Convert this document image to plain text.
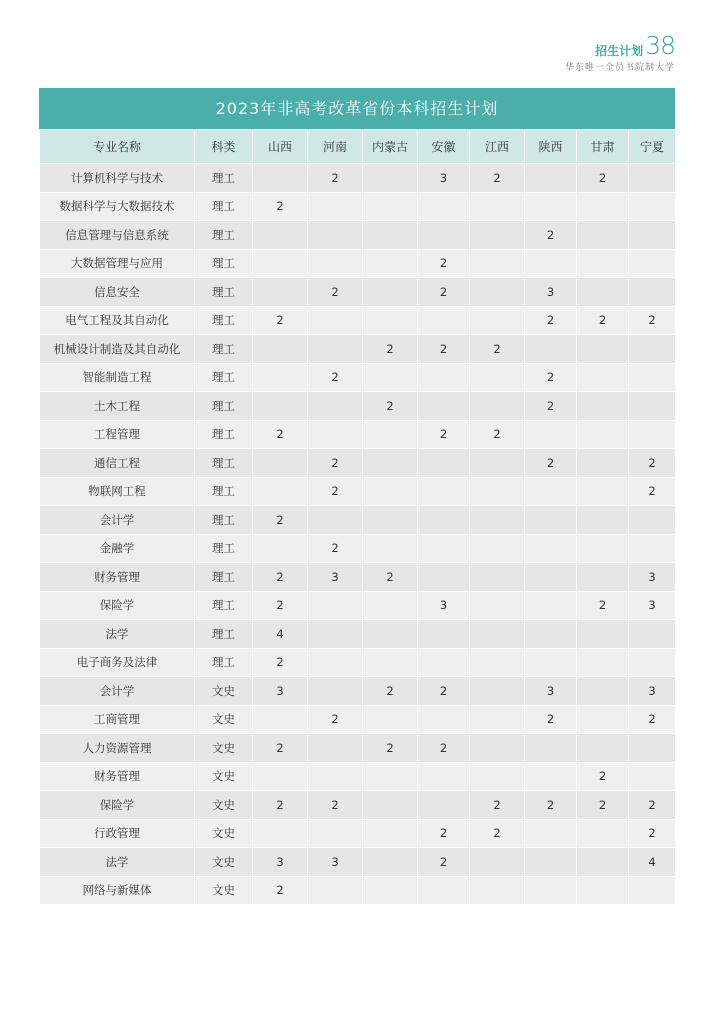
招生计划 38
华东唯一全员书院制大学
2023年非高考改革省份本科招生计划
专业名称	科类	山西	河南	内蒙古	安徽	江西	陕西	甘肃	宁夏
计算机科学与技术	理工		2		3	2		2	
数据科学与大数据技术	理工	2							
信息管理与信息系统	理工						2		
大数据管理与应用	理工				2				
信息安全	理工		2		2		3		
电气工程及其自动化	理工	2					2	2	2
机械设计制造及其自动化	理工			2	2	2			
智能制造工程	理工		2				2		
土木工程	理工			2			2		
工程管理	理工	2			2	2			
通信工程	理工		2				2		2
物联网工程	理工		2						2
会计学	理工	2							
金融学	理工		2						
财务管理	理工	2	3	2					3
保险学	理工	2			3			2	3
法学	理工	4							
电子商务及法律	理工	2							
会计学	文史	3		2	2		3		3
工商管理	文史		2				2		2
人力资源管理	文史	2		2	2				
财务管理	文史							2	
保险学	文史	2	2			2	2	2	2
行政管理	文史				2	2			2
法学	文史	3	3		2				4
网络与新媒体	文史	2							
